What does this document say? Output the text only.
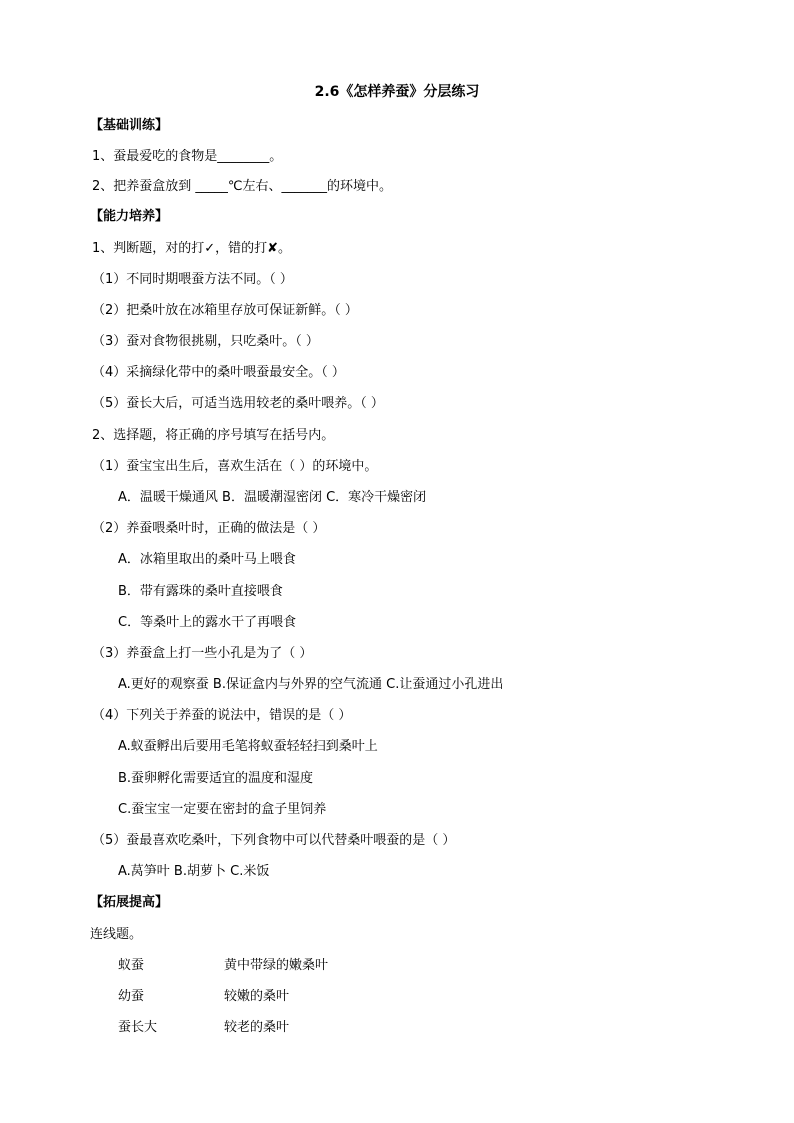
2.6《怎样养蚕》分层练习
【基础训练】
1、蚕最爱吃的食物是________。
2、把养蚕盒放到 _____℃左右、_______的环境中。
【能力培养】
1、判断题，对的打✓，错的打✘。
（1）不同时期喂蚕方法不同。（ ）
（2）把桑叶放在冰箱里存放可保证新鲜。（ ）
（3）蚕对食物很挑剔，只吃桑叶。（ ）
（4）采摘绿化带中的桑叶喂蚕最安全。（ ）
（5）蚕长大后，可适当选用较老的桑叶喂养。（ ）
2、选择题，将正确的序号填写在括号内。
（1）蚕宝宝出生后，喜欢生活在（ ）的环境中。
A．温暖干燥通风 B．温暖潮湿密闭 C．寒冷干燥密闭
（2）养蚕喂桑叶时，正确的做法是（ ）
A．冰箱里取出的桑叶马上喂食
B．带有露珠的桑叶直接喂食
C．等桑叶上的露水干了再喂食
（3）养蚕盒上打一些小孔是为了（ ）
A.更好的观察蚕 B.保证盒内与外界的空气流通 C.让蚕通过小孔进出
（4）下列关于养蚕的说法中，错误的是（ ）
A.蚁蚕孵出后要用毛笔将蚁蚕轻轻扫到桑叶上
B.蚕卵孵化需要适宜的温度和湿度
C.蚕宝宝一定要在密封的盒子里饲养
（5）蚕最喜欢吃桑叶，下列食物中可以代替桑叶喂蚕的是（ ）
A.莴笋叶 B.胡萝卜 C.米饭
【拓展提高】
连线题。
蚁蚕	黄中带绿的嫩桑叶
幼蚕	较嫩的桑叶
蚕长大	较老的桑叶
